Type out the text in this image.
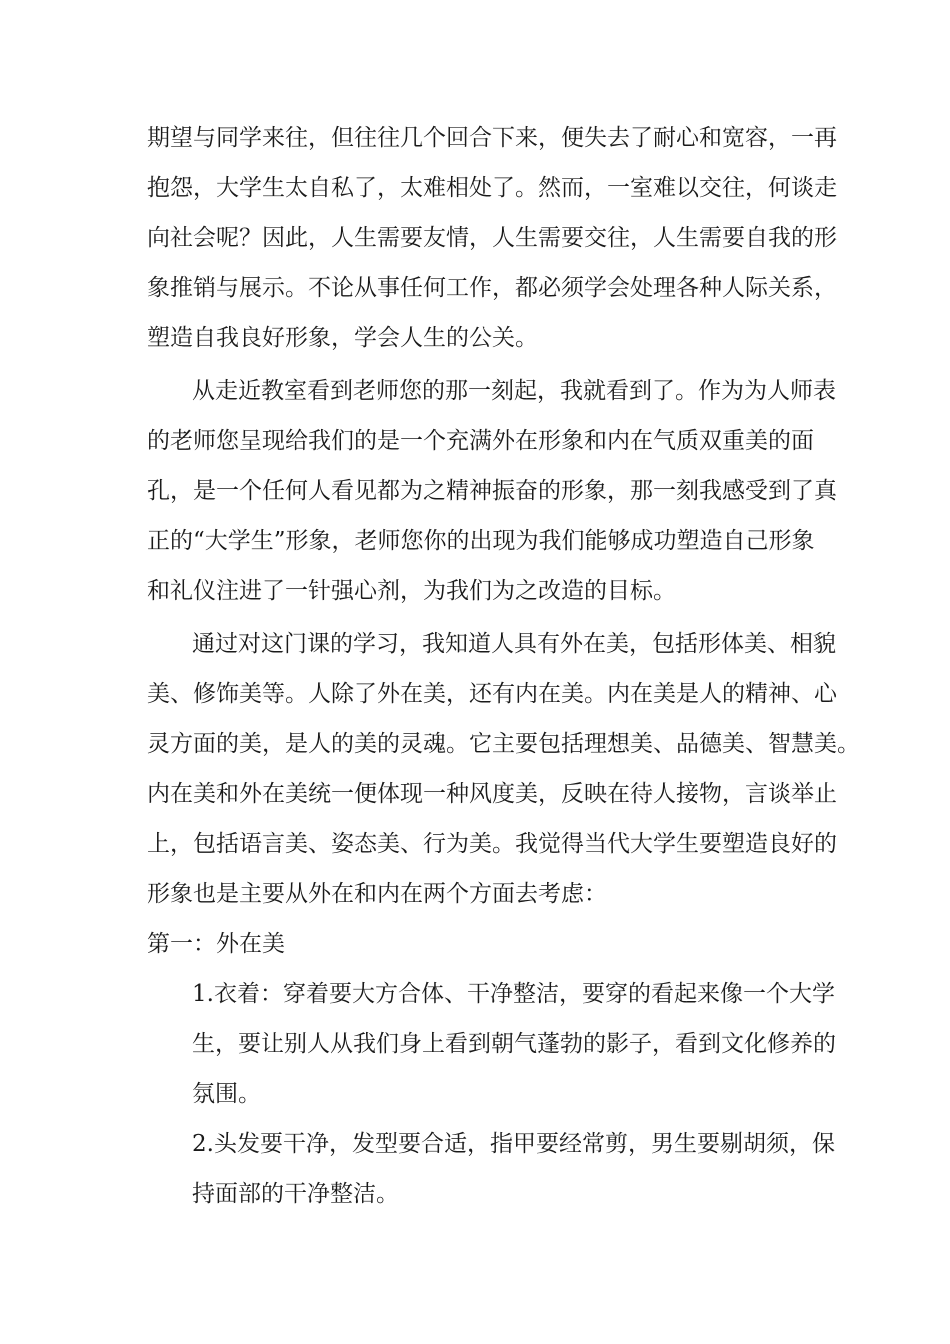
期望与同学来往，但往往几个回合下来，便失去了耐心和宽容，一再
抱怨，大学生太自私了，太难相处了。然而，一室难以交往，何谈走
向社会呢？因此，人生需要友情，人生需要交往，人生需要自我的形
象推销与展示。不论从事任何工作，都必须学会处理各种人际关系，
塑造自我良好形象，学会人生的公关。
从走近教室看到老师您的那一刻起，我就看到了。作为为人师表
的老师您呈现给我们的是一个充满外在形象和内在气质双重美的面
孔，是一个任何人看见都为之精神振奋的形象，那一刻我感受到了真
正的“大学生”形象，老师您你的出现为我们能够成功塑造自己形象
和礼仪注进了一针强心剂，为我们为之改造的目标。
通过对这门课的学习，我知道人具有外在美，包括形体美、相貌
美、修饰美等。人除了外在美，还有内在美。内在美是人的精神、心
灵方面的美，是人的美的灵魂。它主要包括理想美、品德美、智慧美。
内在美和外在美统一便体现一种风度美，反映在待人接物，言谈举止
上，包括语言美、姿态美、行为美。我觉得当代大学生要塑造良好的
形象也是主要从外在和内在两个方面去考虑：
第一：外在美
1.衣着：穿着要大方合体、干净整洁，要穿的看起来像一个大学
生，要让别人从我们身上看到朝气蓬勃的影子，看到文化修养的
氛围。
2.头发要干净，发型要合适，指甲要经常剪，男生要剔胡须，保
持面部的干净整洁。
